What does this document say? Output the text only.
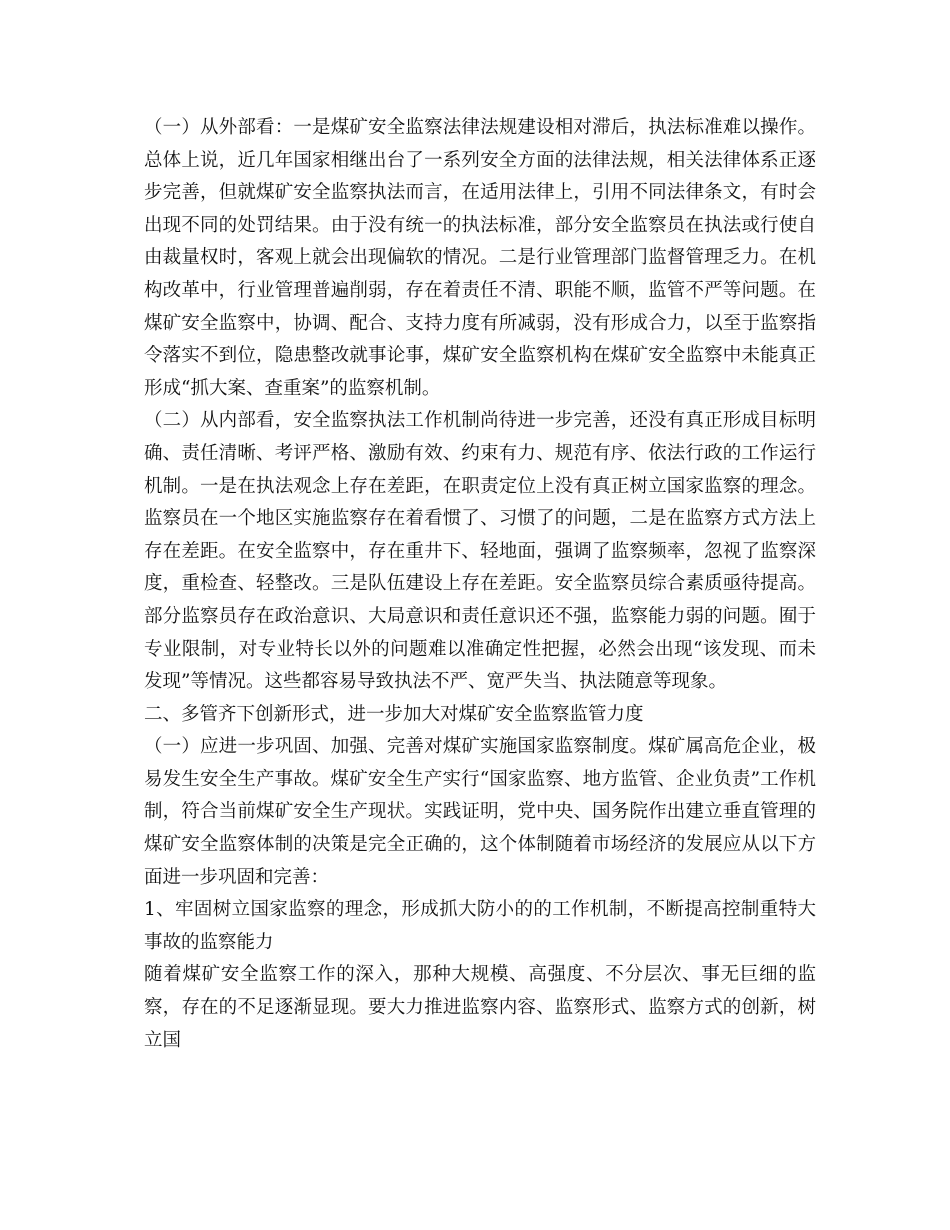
（一）从外部看：一是煤矿安全监察法律法规建设相对滞后，执法标准难以操作。总体上说，近几年国家相继出台了一系列安全方面的法律法规，相关法律体系正逐步完善，但就煤矿安全监察执法而言，在适用法律上，引用不同法律条文，有时会出现不同的处罚结果。由于没有统一的执法标准，部分安全监察员在执法或行使自由裁量权时，客观上就会出现偏软的情况。二是行业管理部门监督管理乏力。在机构改革中，行业管理普遍削弱，存在着责任不清、职能不顺，监管不严等问题。在煤矿安全监察中，协调、配合、支持力度有所减弱，没有形成合力，以至于监察指令落实不到位，隐患整改就事论事，煤矿安全监察机构在煤矿安全监察中未能真正形成“抓大案、查重案”的监察机制。

（二）从内部看，安全监察执法工作机制尚待进一步完善，还没有真正形成目标明确、责任清晰、考评严格、激励有效、约束有力、规范有序、依法行政的工作运行机制。一是在执法观念上存在差距，在职责定位上没有真正树立国家监察的理念。监察员在一个地区实施监察存在着看惯了、习惯了的问题，二是在监察方式方法上存在差距。在安全监察中，存在重井下、轻地面，强调了监察频率，忽视了监察深度，重检查、轻整改。三是队伍建设上存在差距。安全监察员综合素质亟待提高。部分监察员存在政治意识、大局意识和责任意识还不强，监察能力弱的问题。囿于专业限制，对专业特长以外的问题难以准确定性把握，必然会出现“该发现、而未发现”等情况。这些都容易导致执法不严、宽严失当、执法随意等现象。

二、多管齐下创新形式，进一步加大对煤矿安全监察监管力度

（一）应进一步巩固、加强、完善对煤矿实施国家监察制度。煤矿属高危企业，极易发生安全生产事故。煤矿安全生产实行“国家监察、地方监管、企业负责”工作机制，符合当前煤矿安全生产现状。实践证明，党中央、国务院作出建立垂直管理的煤矿安全监察体制的决策是完全正确的，这个体制随着市场经济的发展应从以下方面进一步巩固和完善：

1、牢固树立国家监察的理念，形成抓大防小的的工作机制，不断提高控制重特大事故的监察能力

随着煤矿安全监察工作的深入，那种大规模、高强度、不分层次、事无巨细的监察，存在的不足逐渐显现。要大力推进监察内容、监察形式、监察方式的创新，树立国
